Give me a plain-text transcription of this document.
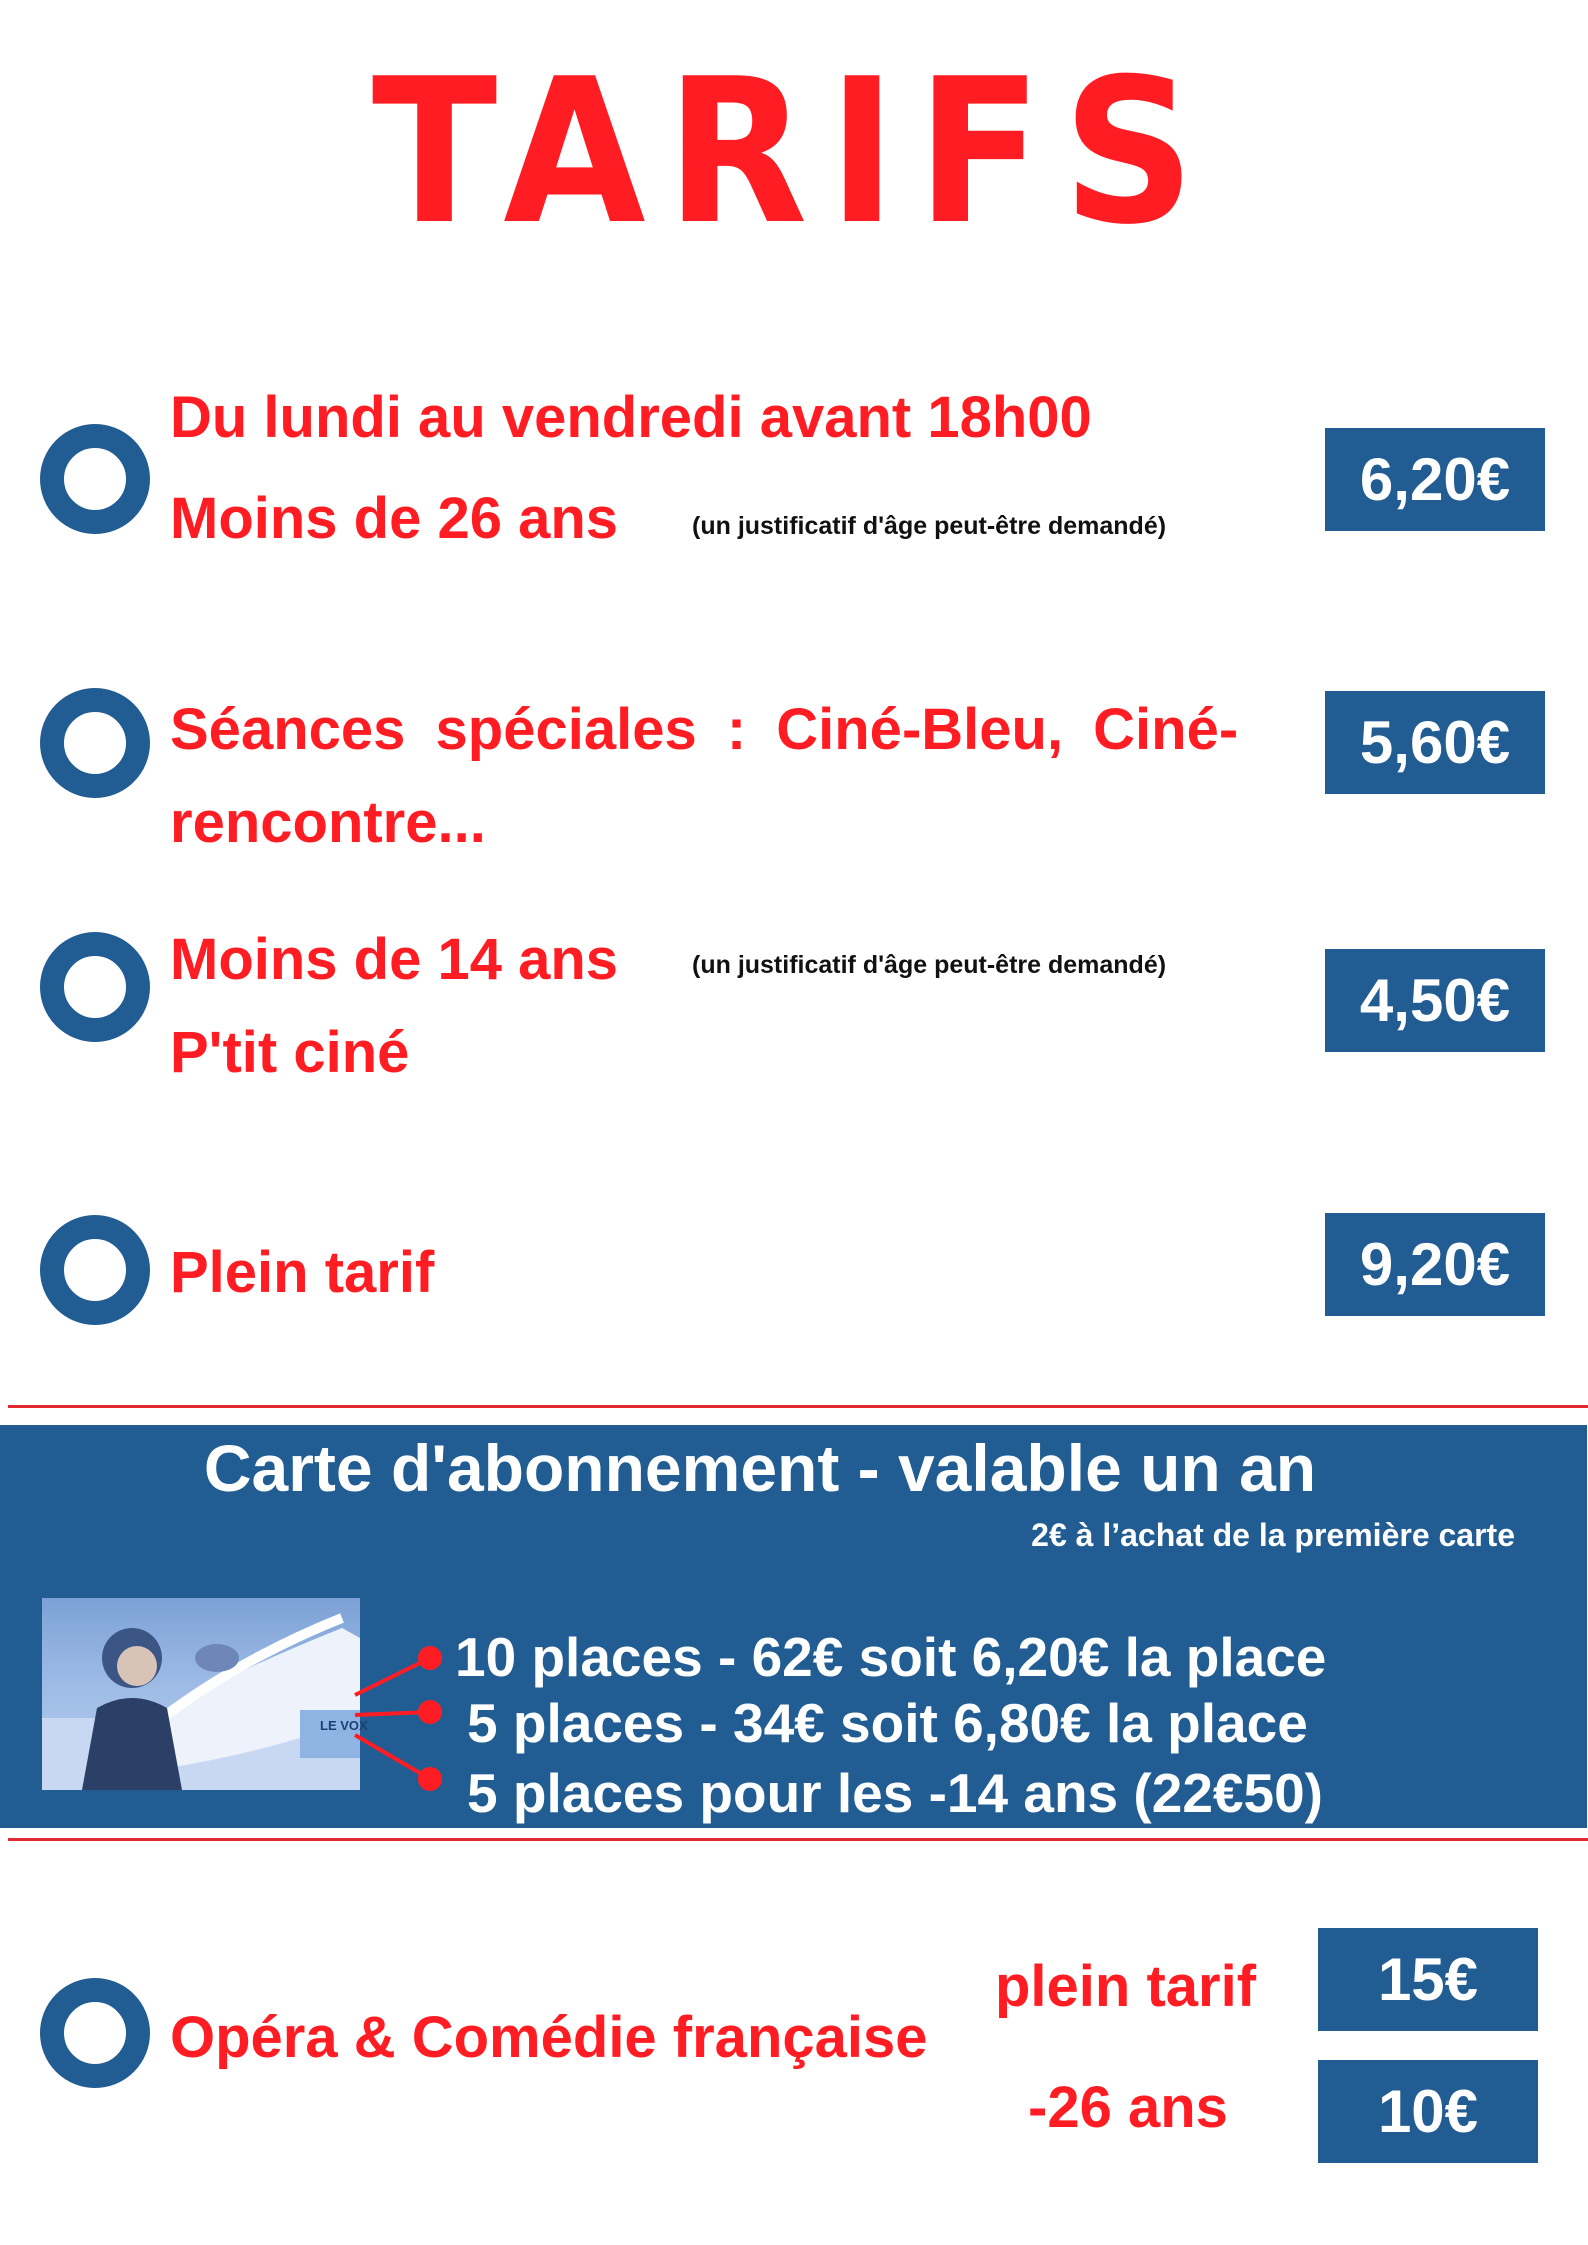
TARIFS
Du lundi au vendredi avant 18h00
Moins de 26 ans	(un justificatif d'âge peut-être demandé)
6,20€
Séances spéciales : Ciné-Bleu, Ciné-
rencontre...
5,60€
Moins de 14 ans	(un justificatif d'âge peut-être demandé)
P'tit ciné
4,50€
Plein tarif	9,20€
Carte d'abonnement - valable un an
2€ à l’achat de la première carte
LE VOX
10 places - 62€ soit 6,20€ la place
5 places - 34€ soit 6,80€ la place
5 places pour les -14 ans (22€50)
Opéra & Comédie française
plein tarif	15€
-26 ans	10€
